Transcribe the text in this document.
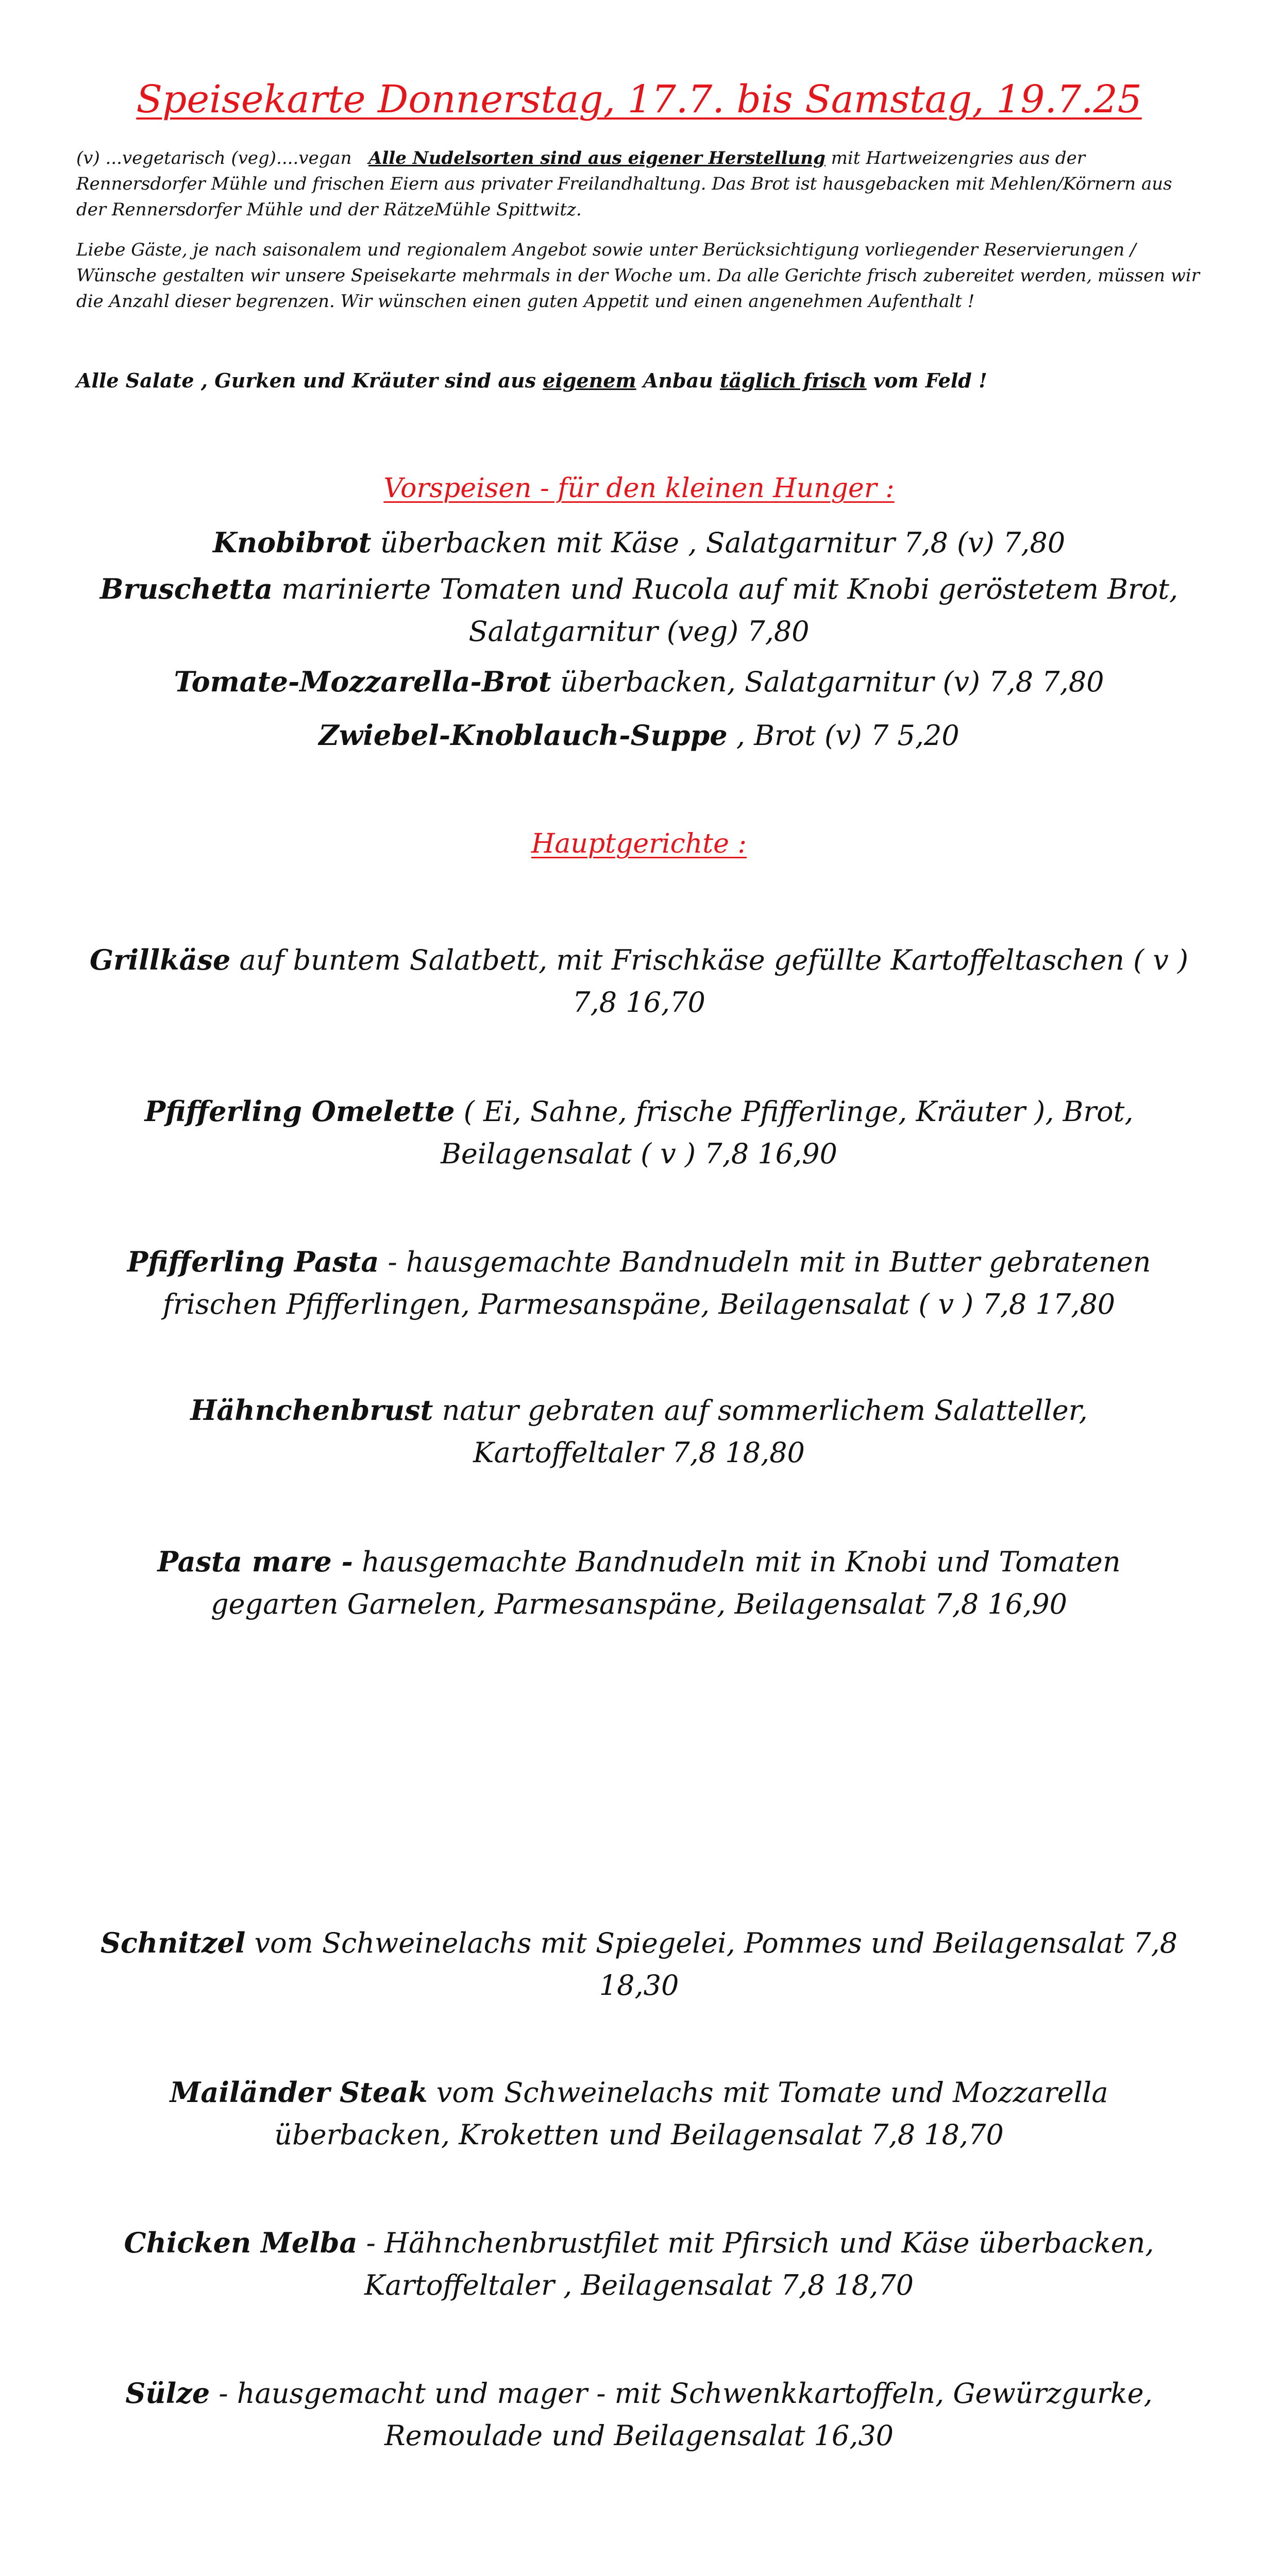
Speisekarte Donnerstag, 17.7. bis Samstag, 19.7.25

(v) ...vegetarisch (veg)....vegan Alle Nudelsorten sind aus eigener Herstellung mit Hartweizengries aus der Rennersdorfer Mühle und frischen Eiern aus privater Freilandhaltung. Das Brot ist hausgebacken mit Mehlen/Körnern aus der Rennersdorfer Mühle und der RätzeMühle Spittwitz.

Liebe Gäste, je nach saisonalem und regionalem Angebot sowie unter Berücksichtigung vorliegender Reservierungen / Wünsche gestalten wir unsere Speisekarte mehrmals in der Woche um. Da alle Gerichte frisch zubereitet werden, müssen wir die Anzahl dieser begrenzen. Wir wünschen einen guten Appetit und einen angenehmen Aufenthalt !

Alle Salate , Gurken und Kräuter sind aus eigenem Anbau täglich frisch vom Feld !

Vorspeisen - für den kleinen Hunger :
Knobibrot überbacken mit Käse , Salatgarnitur 7,8 (v) 7,80
Bruschetta marinierte Tomaten und Rucola auf mit Knobi geröstetem Brot, Salatgarnitur (veg) 7,80
Tomate-Mozzarella-Brot überbacken, Salatgarnitur (v) 7,8 7,80
Zwiebel-Knoblauch-Suppe , Brot (v) 7 5,20
Hauptgerichte :
Grillkäse auf buntem Salatbett, mit Frischkäse gefüllte Kartoffeltaschen ( v ) 7,8 16,70
Pfifferling Omelette ( Ei, Sahne, frische Pfifferlinge, Kräuter ), Brot, Beilagensalat ( v ) 7,8 16,90
Pfifferling Pasta - hausgemachte Bandnudeln mit in Butter gebratenen frischen Pfifferlingen, Parmesanspäne, Beilagensalat ( v ) 7,8 17,80
Hähnchenbrust natur gebraten auf sommerlichem Salatteller, Kartoffeltaler 7,8 18,80
Pasta mare - hausgemachte Bandnudeln mit in Knobi und Tomaten gegarten Garnelen, Parmesanspäne, Beilagensalat 7,8 16,90
Schnitzel vom Schweinelachs mit Spiegelei, Pommes und Beilagensalat 7,8 18,30
Mailänder Steak vom Schweinelachs mit Tomate und Mozzarella überbacken, Kroketten und Beilagensalat 7,8 18,70
Chicken Melba - Hähnchenbrustfilet mit Pfirsich und Käse überbacken, Kartoffeltaler , Beilagensalat 7,8 18,70
Sülze - hausgemacht und mager - mit Schwenkkartoffeln, Gewürzgurke, Remoulade und Beilagensalat 16,30
